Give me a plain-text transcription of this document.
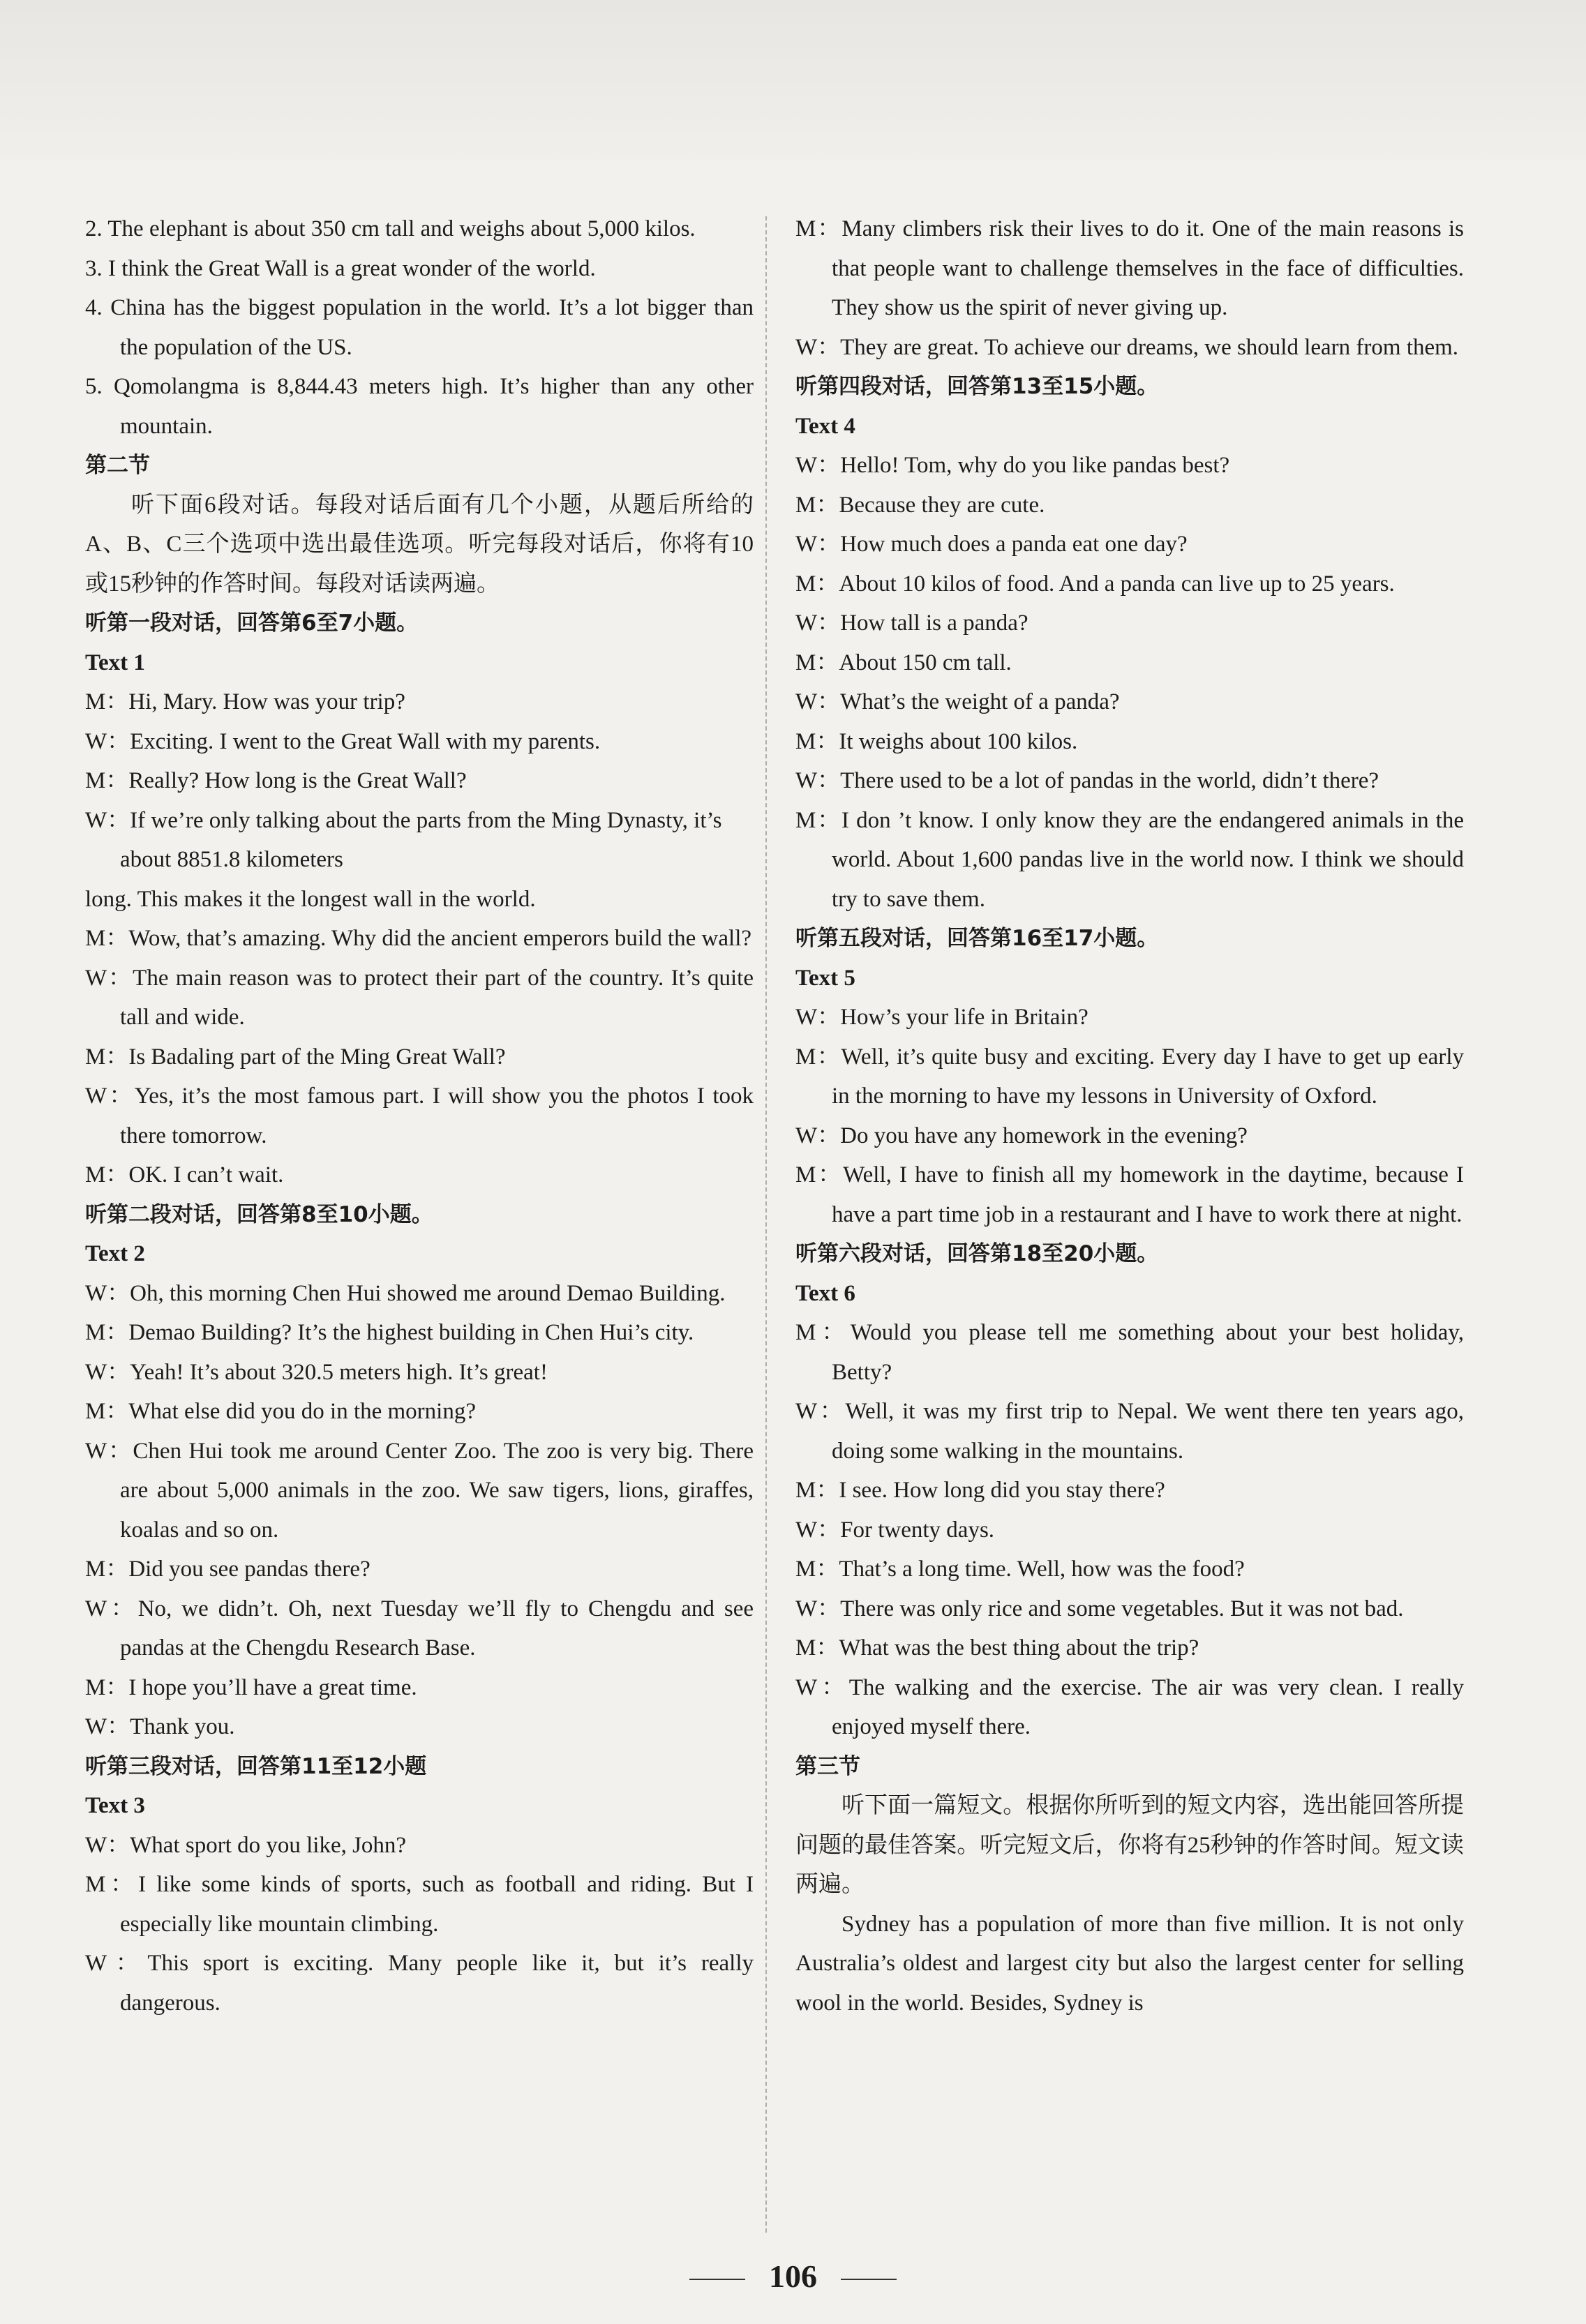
2. The elephant is about 350 cm tall and weighs about 5,000 kilos.
3. I think the Great Wall is a great wonder of the world.
4. China has the biggest population in the world. It’s a lot bigger than the population of the US.
5. Qomolangma is 8,844.43 meters high. It’s higher than any other mountain.
第二节
听下面6段对话。每段对话后面有几个小题，从题后所给的A、B、C三个选项中选出最佳选项。听完每段对话后，你将有10或15秒钟的作答时间。每段对话读两遍。
听第一段对话，回答第6至7小题。
Text 1
M：Hi, Mary. How was your trip?
W：Exciting. I went to the Great Wall with my parents.
M：Really? How long is the Great Wall?
W：If we’re only talking about the parts from the Ming Dynasty, it’s about 8851.8 kilometers
long. This makes it the longest wall in the world.
M：Wow, that’s amazing. Why did the ancient emperors build the wall?
W：The main reason was to protect their part of the country. It’s quite tall and wide.
M：Is Badaling part of the Ming Great Wall?
W：Yes, it’s the most famous part. I will show you the photos I took there tomorrow.
M：OK. I can’t wait.
听第二段对话，回答第8至10小题。
Text 2
W：Oh, this morning Chen Hui showed me around Demao Building.
M：Demao Building? It’s the highest building in Chen Hui’s city.
W：Yeah! It’s about 320.5 meters high. It’s great!
M：What else did you do in the morning?
W：Chen Hui took me around Center Zoo. The zoo is very big. There are about 5,000 animals in the zoo. We saw tigers, lions, giraffes, koalas and so on.
M：Did you see pandas there?
W：No, we didn’t. Oh, next Tuesday we’ll fly to Chengdu and see pandas at the Chengdu Research Base.
M：I hope you’ll have a great time.
W：Thank you.
听第三段对话，回答第11至12小题
Text 3
W：What sport do you like, John?
M：I like some kinds of sports, such as football and riding. But I especially like mountain climbing.
W：This sport is exciting. Many people like it, but it’s really dangerous.
M：Many climbers risk their lives to do it. One of the main reasons is that people want to challenge themselves in the face of difficulties. They show us the spirit of never giving up.
W：They are great. To achieve our dreams, we should learn from them.
听第四段对话，回答第13至15小题。
Text 4
W：Hello! Tom, why do you like pandas best?
M：Because they are cute.
W：How much does a panda eat one day?
M：About 10 kilos of food. And a panda can live up to 25 years.
W：How tall is a panda?
M：About 150 cm tall.
W：What’s the weight of a panda?
M：It weighs about 100 kilos.
W：There used to be a lot of pandas in the world, didn’t there?
M：I don ’t know. I only know they are the endangered animals in the world. About 1,600 pandas live in the world now. I think we should try to save them.
听第五段对话，回答第16至17小题。
Text 5
W：How’s your life in Britain?
M：Well, it’s quite busy and exciting. Every day I have to get up early in the morning to have my lessons in University of Oxford.
W：Do you have any homework in the evening?
M：Well, I have to finish all my homework in the daytime, because I have a part time job in a restaurant and I have to work there at night.
听第六段对话，回答第18至20小题。
Text 6
M：Would you please tell me something about your best holiday, Betty?
W：Well, it was my first trip to Nepal. We went there ten years ago, doing some walking in the mountains.
M：I see. How long did you stay there?
W：For twenty days.
M：That’s a long time. Well, how was the food?
W：There was only rice and some vegetables. But it was not bad.
M：What was the best thing about the trip?
W：The walking and the exercise. The air was very clean. I really enjoyed myself there.
第三节
听下面一篇短文。根据你所听到的短文内容，选出能回答所提问题的最佳答案。听完短文后，你将有25秒钟的作答时间。短文读两遍。
Sydney has a population of more than five million. It is not only Australia’s oldest and largest city but also the largest center for selling wool in the world. Besides, Sydney is
106
